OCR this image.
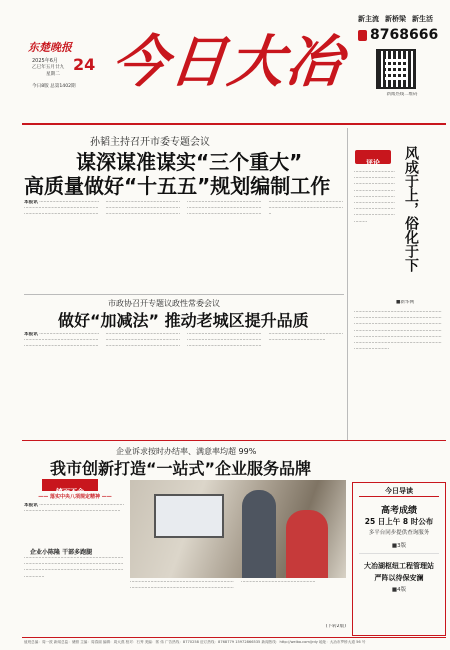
东楚晚报
2025年6月 24
乙巳年五月廿九
星期二
今日8版 总第1402期 今日大冶
新主流 新桥梁 新生活
8768666
新闻热线二维码
孙韬主持召开市委专题会议
谋深谋准谋实“三个重大”
高质量做好“十五五”规划编制工作
本报讯 ·········································································································································································································································································································································································································································································································································································
评论	风成于上，俗化于下
■新华网
·········································································································································································································································
································································································································································································································································································································································································
市政协召开专题议政性常委会议
做好“加减法” 推动老城区提升品质
本报讯 ···························································································································································································································································································································································································································································································································································
企业诉求按时办结率、满意率均超 99%
我市创新打造“一站式”企业服务品牌
镇而不舍
—— 落实中央八项规定精神 ——
本报讯 ····························································································································
企业小陈隆 干部多跑腿
··························································································································································································································
·································································································································································································
(下转2版)
今日导读
高考成绩
25 日上午 8 时公布
多平台同步提供查询服务
■3版
大冶湖枢纽工程管理站
严阵以待保安澜
■4版
值班总编：周一波 新闻总监：储照 主编：周春丽 编辑：周大燕 校对：石秀 美编：郭 伟 广告热线：8770258 征订热线：8768779 15972866535 新闻热线：http://weibo.com/jrdy 地址：大冶市罗桥大道 56 号
